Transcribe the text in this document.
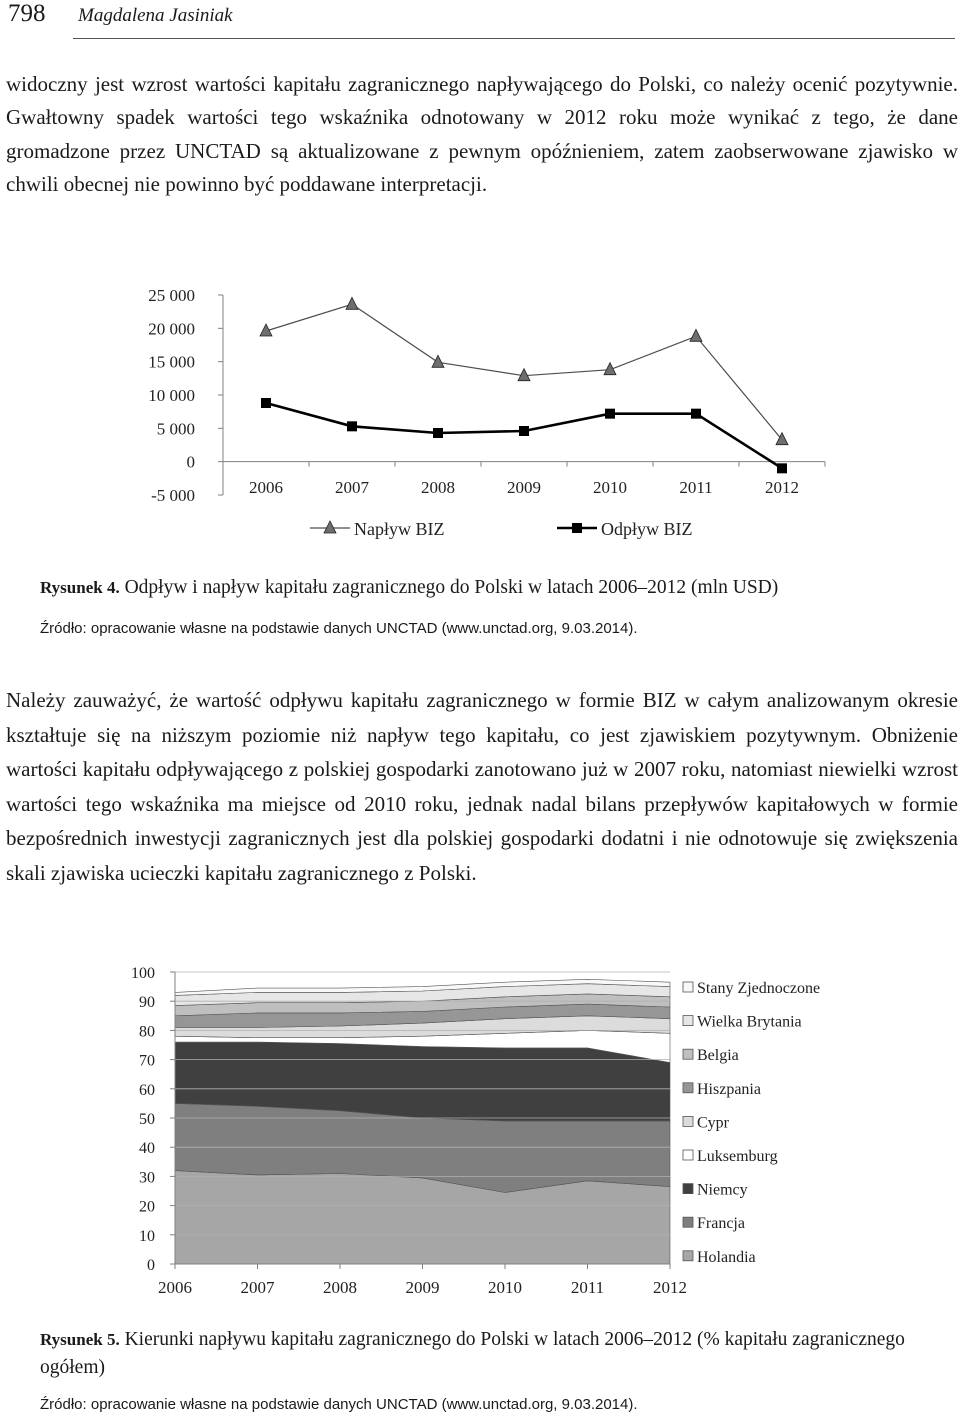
798 Magdalena Jasiniak

widoczny jest wzrost wartości kapitału zagranicznego napływającego do Polski, co należy ocenić pozytywnie. Gwałtowny spadek wartości tego wskaźnika odnotowany w 2012 roku może wynikać z tego, że dane gromadzone przez UNCTAD są aktualizowane z pewnym opóźnieniem, zatem zaobserwowane zjawisko w chwili obecnej nie powinno być poddawane interpretacji.

25 000
20 000
15 000
10 000
5 000
0
-5 000	2006	2007	2008	2009	2010	2011	2012
Napływ BIZ	Odpływ BIZ

Rysunek 4. Odpływ i napływ kapitału zagranicznego do Polski w latach 2006–2012 (mln USD)

Źródło: opracowanie własne na podstawie danych UNCTAD (www.unctad.org, 9.03.2014).

Należy zauważyć, że wartość odpływu kapitału zagranicznego w formie BIZ w całym analizowanym okresie kształtuje się na niższym poziomie niż napływ tego kapitału, co jest zjawiskiem pozytywnym. Obniżenie wartości kapitału odpływającego z polskiej gospodarki zanotowano już w 2007 roku, natomiast niewielki wzrost wartości tego wskaźnika ma miejsce od 2010 roku, jednak nadal bilans przepływów kapitałowych w formie bezpośrednich inwestycji zagranicznych jest dla polskiej gospodarki dodatni i nie odnotowuje się zwiększenia skali zjawiska ucieczki kapitału zagranicznego z Polski.

100
90
80
70
60
50
40
30
20
10
0
2006	2007	2008	2009	2010	2011	2012
Stany Zjednoczone
Wielka Brytania
Belgia
Hiszpania
Cypr
Luksemburg
Niemcy
Francja
Holandia

Rysunek 5. Kierunki napływu kapitału zagranicznego do Polski w latach 2006–2012 (% kapitału zagranicznego ogółem)

Źródło: opracowanie własne na podstawie danych UNCTAD (www.unctad.org, 9.03.2014).
